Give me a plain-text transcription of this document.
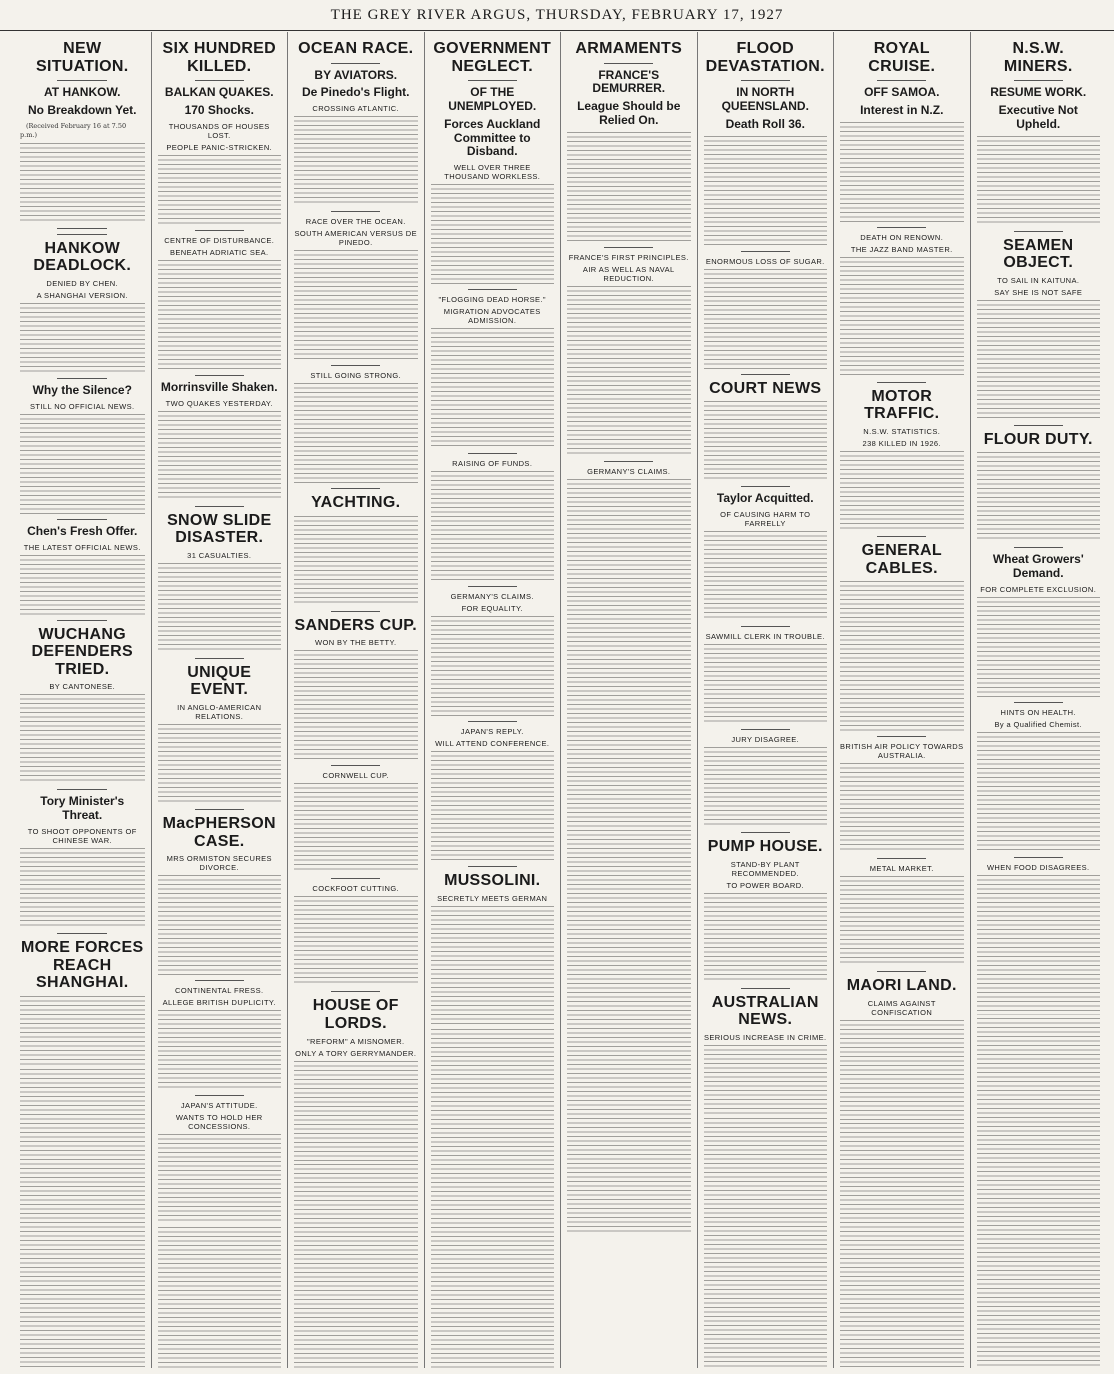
THE GREY RIVER ARGUS, THURSDAY, FEBRUARY 17, 1927
NEW SITUATION.
AT HANKOW.
No Breakdown Yet.
(Received February 16 at 7.50 p.m.)
HANKOW DEADLOCK.
DENIED BY CHEN.
A SHANGHAI VERSION.
Why the Silence?
STILL NO OFFICIAL NEWS.
Chen's Fresh Offer.
THE LATEST OFFICIAL NEWS.
WUCHANG DEFENDERS TRIED.
BY CANTONESE.
Tory Minister's Threat.
TO SHOOT OPPONENTS OF CHINESE WAR.
MORE FORCES REACH SHANGHAI.
SIX HUNDRED KILLED.
BALKAN QUAKES.
170 Shocks.
THOUSANDS OF HOUSES LOST.
PEOPLE PANIC-STRICKEN.
CENTRE OF DISTURBANCE.
BENEATH ADRIATIC SEA.
Morrinsville Shaken.
TWO QUAKES YESTERDAY.
SNOW SLIDE DISASTER.
31 CASUALTIES.
UNIQUE EVENT.
IN ANGLO-AMERICAN RELATIONS.
MacPHERSON CASE.
MRS ORMISTON SECURES DIVORCE.
CONTINENTAL FRESS.
ALLEGE BRITISH DUPLICITY.
JAPAN'S ATTITUDE.
WANTS TO HOLD HER CONCESSIONS.
OCEAN RACE.
BY AVIATORS.
De Pinedo's Flight.
CROSSING ATLANTIC.
RACE OVER THE OCEAN.
SOUTH AMERICAN VERSUS DE PINEDO.
STILL GOING STRONG.
YACHTING.
SANDERS CUP.
WON BY THE BETTY.
CORNWELL CUP.
COCKFOOT CUTTING.
HOUSE OF LORDS.
"REFORM" A MISNOMER.
ONLY A TORY GERRYMANDER.
GOVERNMENT NEGLECT.
OF THE UNEMPLOYED.
Forces Auckland Committee to Disband.
WELL OVER THREE THOUSAND WORKLESS.
"FLOGGING DEAD HORSE."
MIGRATION ADVOCATES ADMISSION.
RAISING OF FUNDS.
GERMANY'S CLAIMS.
FOR EQUALITY.
JAPAN'S REPLY.
WILL ATTEND CONFERENCE.
MUSSOLINI.
SECRETLY MEETS GERMAN
ARMAMENTS
FRANCE'S DEMURRER.
League Should be Relied On.
FRANCE'S FIRST PRINCIPLES.
AIR AS WELL AS NAVAL REDUCTION.
GERMANY'S CLAIMS.
FLOOD DEVASTATION.
IN NORTH QUEENSLAND.
Death Roll 36.
ENORMOUS LOSS OF SUGAR.
COURT NEWS
Taylor Acquitted.
OF CAUSING HARM TO FARRELLY
SAWMILL CLERK IN TROUBLE.
JURY DISAGREE.
PUMP HOUSE.
STAND-BY PLANT RECOMMENDED.
TO POWER BOARD.
AUSTRALIAN NEWS.
SERIOUS INCREASE IN CRIME.
ROYAL CRUISE.
OFF SAMOA.
Interest in N.Z.
DEATH ON RENOWN.
THE JAZZ BAND MASTER.
MOTOR TRAFFIC.
N.S.W. STATISTICS.
238 KILLED IN 1926.
GENERAL CABLES.
BRITISH AIR POLICY TOWARDS AUSTRALIA.
METAL MARKET.
MAORI LAND.
CLAIMS AGAINST CONFISCATION
N.S.W. MINERS.
RESUME WORK.
Executive Not Upheld.
SEAMEN OBJECT.
TO SAIL IN KAITUNA.
SAY SHE IS NOT SAFE
FLOUR DUTY.
Wheat Growers' Demand.
FOR COMPLETE EXCLUSION.
HINTS ON HEALTH.
By a Qualified Chemist.
WHEN FOOD DISAGREES.
